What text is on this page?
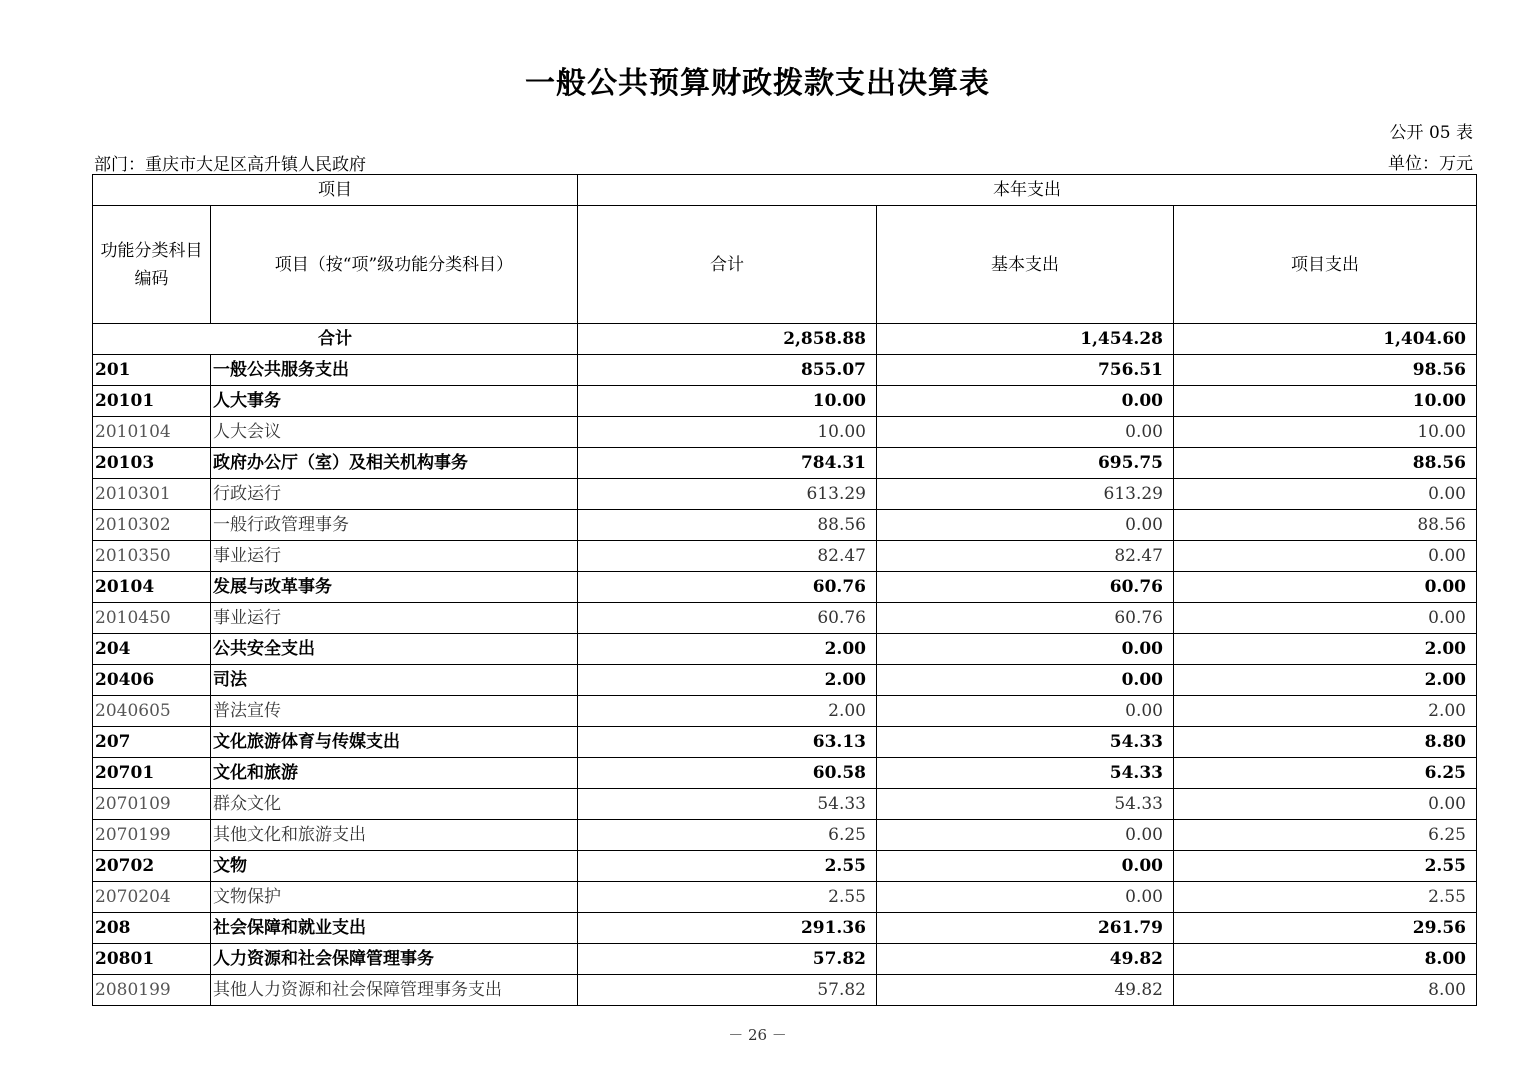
一般公共预算财政拨款支出决算表
公开 05 表
部门：重庆市大足区高升镇人民政府	单位：万元
项目		本年支出		

功能分类科目
编码	项目（按“项”级功能分类科目）	合计	基本支出	项目支出
合计		2,858.88	1,454.28	1,404.60
201	一般公共服务支出	855.07	756.51	98.56
20101	人大事务	10.00	0.00	10.00
2010104	人大会议	10.00	0.00	10.00
20103	政府办公厅（室）及相关机构事务	784.31	695.75	88.56
2010301	行政运行	613.29	613.29	0.00
2010302	一般行政管理事务	88.56	0.00	88.56
2010350	事业运行	82.47	82.47	0.00
20104	发展与改革事务	60.76	60.76	0.00
2010450	事业运行	60.76	60.76	0.00
204	公共安全支出	2.00	0.00	2.00
20406	司法	2.00	0.00	2.00
2040605	普法宣传	2.00	0.00	2.00
207	文化旅游体育与传媒支出	63.13	54.33	8.80
20701	文化和旅游	60.58	54.33	6.25
2070109	群众文化	54.33	54.33	0.00
2070199	其他文化和旅游支出	6.25	0.00	6.25
20702	文物	2.55	0.00	2.55
2070204	文物保护	2.55	0.00	2.55
208	社会保障和就业支出	291.36	261.79	29.56
20801	人力资源和社会保障管理事务	57.82	49.82	8.00
2080199	其他人力资源和社会保障管理事务支出	57.82	49.82	8.00
－ 26 －
